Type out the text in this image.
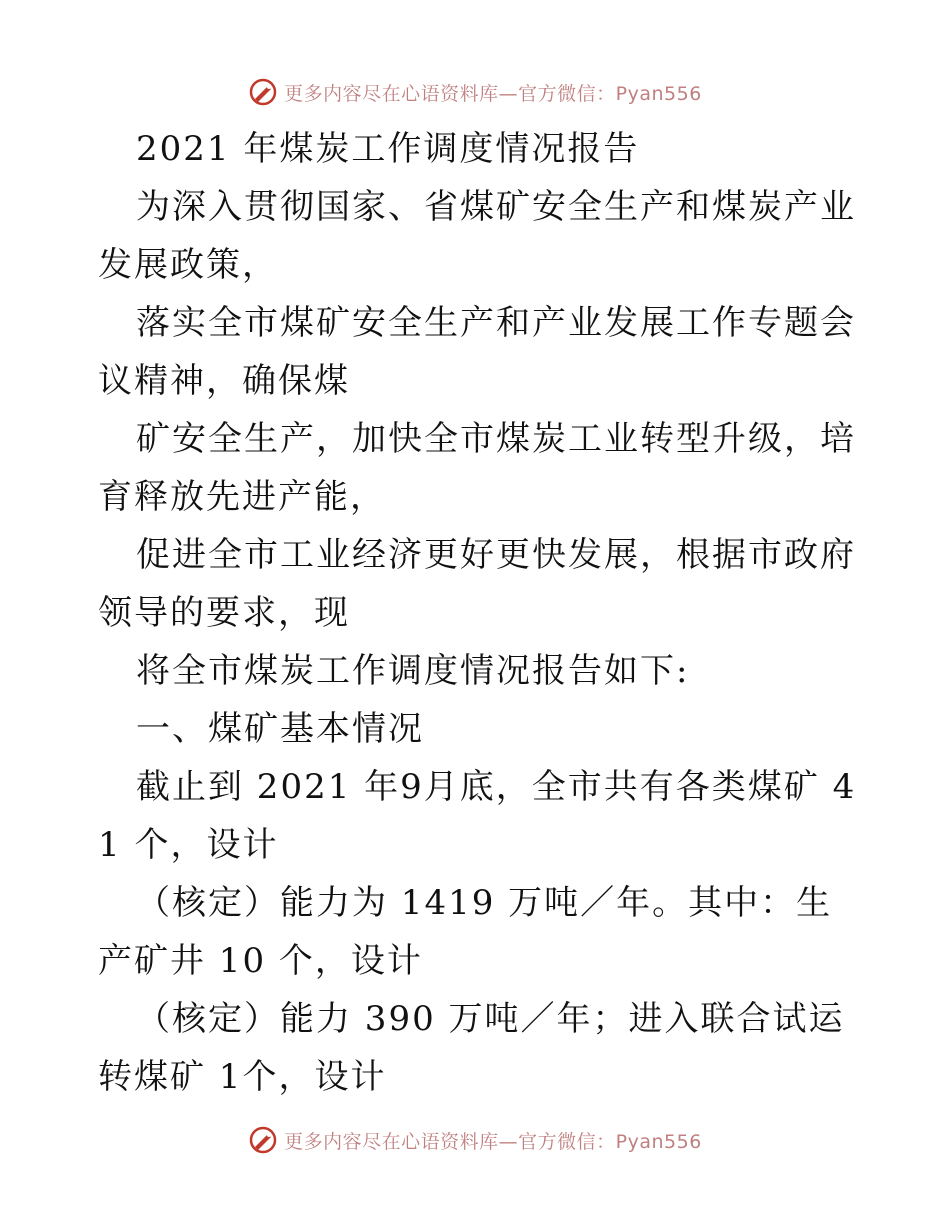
更多内容尽在心语资料库—官方微信：Pyan556

2021 年煤炭工作调度情况报告

为深入贯彻国家、省煤矿安全生产和煤炭产业发展政策，

落实全市煤矿安全生产和产业发展工作专题会议精神，确保煤

矿安全生产，加快全市煤炭工业转型升级，培育释放先进产能，

促进全市工业经济更好更快发展，根据市政府领导的要求，现

将全市煤炭工作调度情况报告如下:

一、煤矿基本情况

截止到 2021 年9月底，全市共有各类煤矿 41 个，设计

（核定）能力为 1419 万吨／年。其中：生产矿井 10 个，设计

（核定）能力 390 万吨／年；进入联合试运转煤矿 1个，设计

更多内容尽在心语资料库—官方微信：Pyan556
